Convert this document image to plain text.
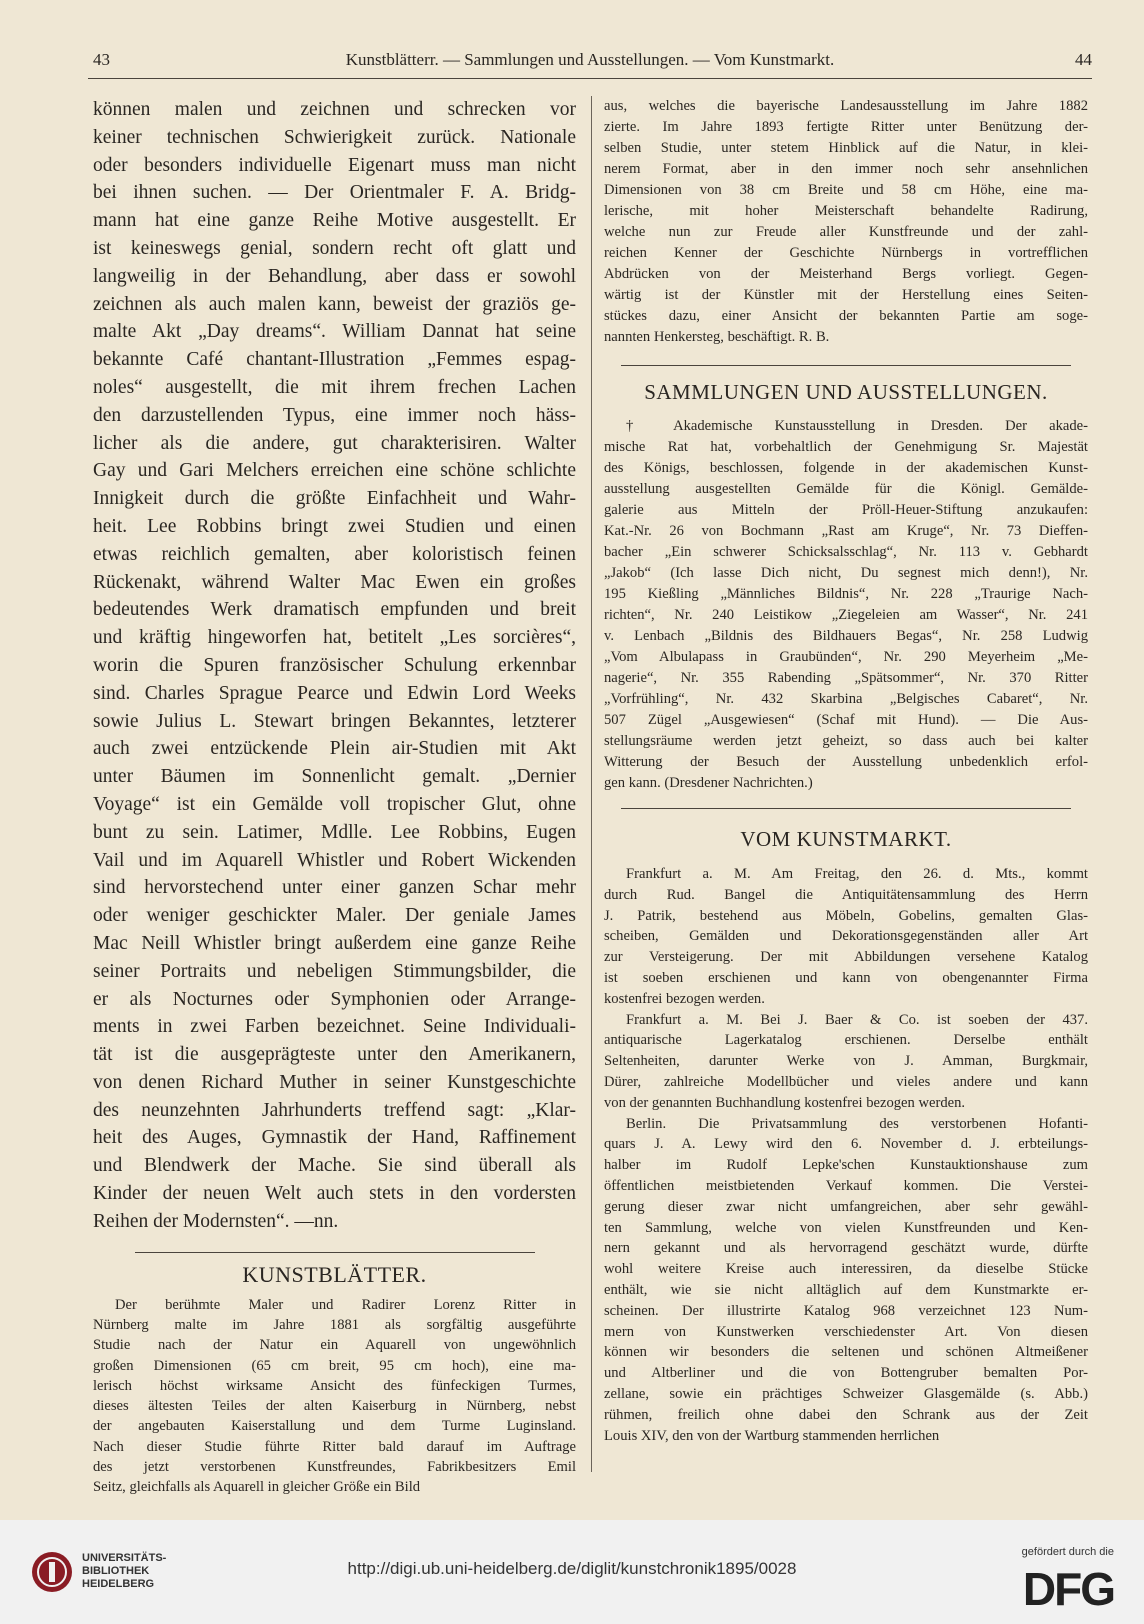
43	Kunstblätterr. — Sammlungen und Ausstellungen. — Vom Kunstmarkt.	44
können malen und zeichnen und schrecken vor
keiner technischen Schwierigkeit zurück. Nationale
oder besonders individuelle Eigenart muss man nicht
bei ihnen suchen. — Der Orientmaler F. A. Bridg-
mann hat eine ganze Reihe Motive ausgestellt. Er
ist keineswegs genial, sondern recht oft glatt und
langweilig in der Behandlung, aber dass er sowohl
zeichnen als auch malen kann, beweist der graziös ge-
malte Akt „Day dreams“. William Dannat hat seine
bekannte Café chantant-Illustration „Femmes espag-
noles“ ausgestellt, die mit ihrem frechen Lachen
den darzustellenden Typus, eine immer noch häss-
licher als die andere, gut charakterisiren. Walter
Gay und Gari Melchers erreichen eine schöne schlichte
Innigkeit durch die größte Einfachheit und Wahr-
heit. Lee Robbins bringt zwei Studien und einen
etwas reichlich gemalten, aber koloristisch feinen
Rückenakt, während Walter Mac Ewen ein großes
bedeutendes Werk dramatisch empfunden und breit
und kräftig hingeworfen hat, betitelt „Les sorcières“,
worin die Spuren französischer Schulung erkennbar
sind. Charles Sprague Pearce und Edwin Lord Weeks
sowie Julius L. Stewart bringen Bekanntes, letzterer
auch zwei entzückende Plein air-Studien mit Akt
unter Bäumen im Sonnenlicht gemalt. „Dernier
Voyage“ ist ein Gemälde voll tropischer Glut, ohne
bunt zu sein. Latimer, Mdlle. Lee Robbins, Eugen
Vail und im Aquarell Whistler und Robert Wickenden
sind hervorstechend unter einer ganzen Schar mehr
oder weniger geschickter Maler. Der geniale James
Mac Neill Whistler bringt außerdem eine ganze Reihe
seiner Portraits und nebeligen Stimmungsbilder, die
er als Nocturnes oder Symphonien oder Arrange-
ments in zwei Farben bezeichnet. Seine Individuali-
tät ist die ausgeprägteste unter den Amerikanern,
von denen Richard Muther in seiner Kunstgeschichte
des neunzehnten Jahrhunderts treffend sagt: „Klar-
heit des Auges, Gymnastik der Hand, Raffinement
und Blendwerk der Mache. Sie sind überall als
Kinder der neuen Welt auch stets in den vordersten
Reihen der Modernsten“. —nn.
KUNSTBLÄTTER.
Der berühmte Maler und Radirer Lorenz Ritter in
Nürnberg malte im Jahre 1881 als sorgfältig ausgeführte
Studie nach der Natur ein Aquarell von ungewöhnlich
großen Dimensionen (65 cm breit, 95 cm hoch), eine ma-
lerisch höchst wirksame Ansicht des fünfeckigen Turmes,
dieses ältesten Teiles der alten Kaiserburg in Nürnberg, nebst
der angebauten Kaiserstallung und dem Turme Luginsland.
Nach dieser Studie führte Ritter bald darauf im Auftrage
des jetzt verstorbenen Kunstfreundes, Fabrikbesitzers Emil
Seitz, gleichfalls als Aquarell in gleicher Größe ein Bild
aus, welches die bayerische Landesausstellung im Jahre 1882
zierte. Im Jahre 1893 fertigte Ritter unter Benützung der-
selben Studie, unter stetem Hinblick auf die Natur, in klei-
nerem Format, aber in den immer noch sehr ansehnlichen
Dimensionen von 38 cm Breite und 58 cm Höhe, eine ma-
lerische, mit hoher Meisterschaft behandelte Radirung,
welche nun zur Freude aller Kunstfreunde und der zahl-
reichen Kenner der Geschichte Nürnbergs in vortrefflichen
Abdrücken von der Meisterhand Bergs vorliegt. Gegen-
wärtig ist der Künstler mit der Herstellung eines Seiten-
stückes dazu, einer Ansicht der bekannten Partie am soge-
nannten Henkersteg, beschäftigt. R. B.
SAMMLUNGEN UND AUSSTELLUNGEN.
† Akademische Kunstausstellung in Dresden. Der akade-
mische Rat hat, vorbehaltlich der Genehmigung Sr. Majestät
des Königs, beschlossen, folgende in der akademischen Kunst-
ausstellung ausgestellten Gemälde für die Königl. Gemälde-
galerie aus Mitteln der Pröll-Heuer-Stiftung anzukaufen:
Kat.-Nr. 26 von Bochmann „Rast am Kruge“, Nr. 73 Dieffen-
bacher „Ein schwerer Schicksalsschlag“, Nr. 113 v. Gebhardt
„Jakob“ (Ich lasse Dich nicht, Du segnest mich denn!), Nr.
195 Kießling „Männliches Bildnis“, Nr. 228 „Traurige Nach-
richten“, Nr. 240 Leistikow „Ziegeleien am Wasser“, Nr. 241
v. Lenbach „Bildnis des Bildhauers Begas“, Nr. 258 Ludwig
„Vom Albulapass in Graubünden“, Nr. 290 Meyerheim „Me-
nagerie“, Nr. 355 Rabending „Spätsommer“, Nr. 370 Ritter
„Vorfrühling“, Nr. 432 Skarbina „Belgisches Cabaret“, Nr.
507 Zügel „Ausgewiesen“ (Schaf mit Hund). — Die Aus-
stellungsräume werden jetzt geheizt, so dass auch bei kalter
Witterung der Besuch der Ausstellung unbedenklich erfol-
gen kann. (Dresdener Nachrichten.)
VOM KUNSTMARKT.
Frankfurt a. M. Am Freitag, den 26. d. Mts., kommt
durch Rud. Bangel die Antiquitätensammlung des Herrn
J. Patrik, bestehend aus Möbeln, Gobelins, gemalten Glas-
scheiben, Gemälden und Dekorationsgegenständen aller Art
zur Versteigerung. Der mit Abbildungen versehene Katalog
ist soeben erschienen und kann von obengenannter Firma
kostenfrei bezogen werden.
Frankfurt a. M. Bei J. Baer & Co. ist soeben der 437.
antiquarische Lagerkatalog erschienen. Derselbe enthält
Seltenheiten, darunter Werke von J. Amman, Burgkmair,
Dürer, zahlreiche Modellbücher und vieles andere und kann
von der genannten Buchhandlung kostenfrei bezogen werden.
Berlin. Die Privatsammlung des verstorbenen Hofanti-
quars J. A. Lewy wird den 6. November d. J. erbteilungs-
halber im Rudolf Lepke'schen Kunstauktionshause zum
öffentlichen meistbietenden Verkauf kommen. Die Verstei-
gerung dieser zwar nicht umfangreichen, aber sehr gewähl-
ten Sammlung, welche von vielen Kunstfreunden und Ken-
nern gekannt und als hervorragend geschätzt wurde, dürfte
wohl weitere Kreise auch interessiren, da dieselbe Stücke
enthält, wie sie nicht alltäglich auf dem Kunstmarkte er-
scheinen. Der illustrirte Katalog 968 verzeichnet 123 Num-
mern von Kunstwerken verschiedenster Art. Von diesen
können wir besonders die seltenen und schönen Altmeißener
und Altberliner und die von Bottengruber bemalten Por-
zellane, sowie ein prächtiges Schweizer Glasgemälde (s. Abb.)
rühmen, freilich ohne dabei den Schrank aus der Zeit
Louis XIV, den von der Wartburg stammenden herrlichen
UNIVERSITÄTS-
BIBLIOTHEK
HEIDELBERG
http://digi.ub.uni-heidelberg.de/diglit/kunstchronik1895/0028
gefördert durch die
DFG
